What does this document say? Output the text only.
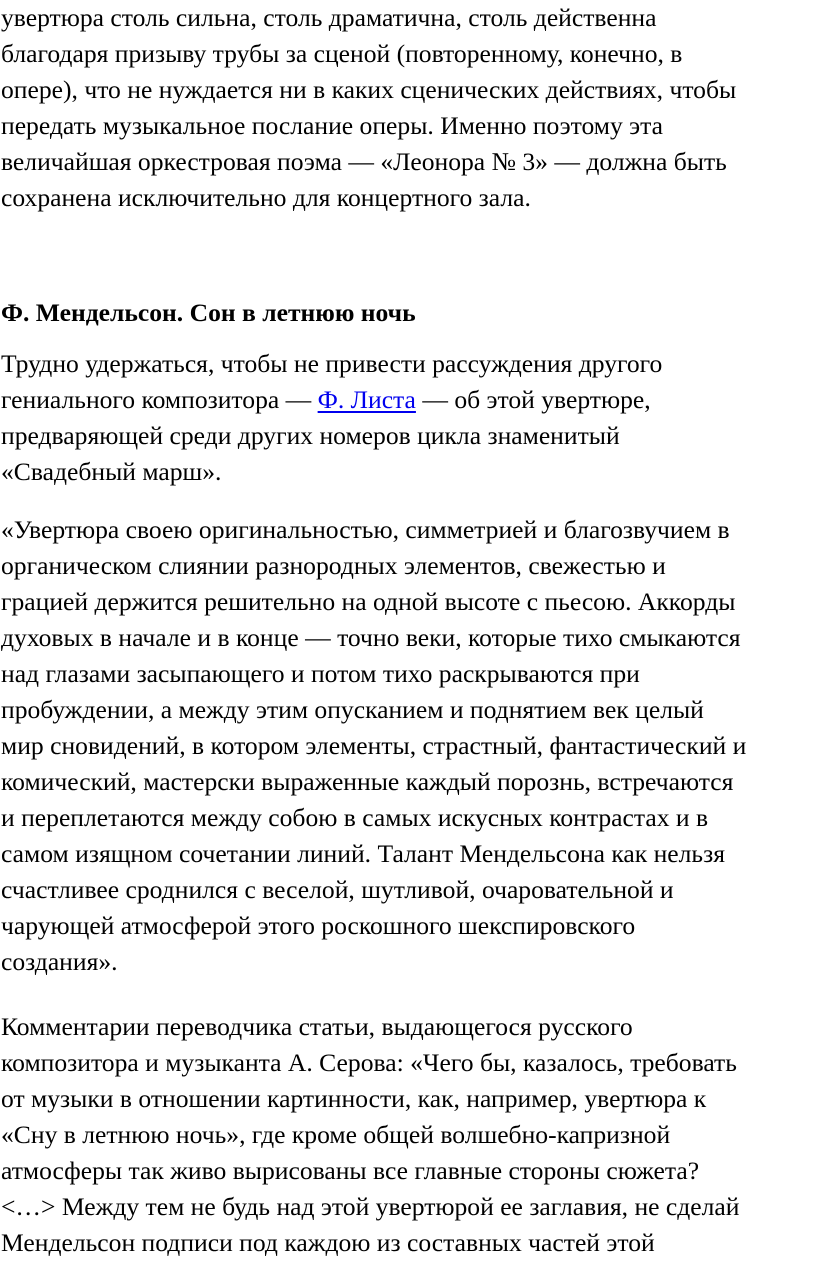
увертюра столь сильна, столь драматична, столь действенна
благодаря призыву трубы за сценой (повторенному, конечно, в
опере), что не нуждается ни в каких сценических действиях, чтобы
передать музыкальное послание оперы. Именно поэтому эта
величайшая оркестровая поэма — «Леонора № 3» — должна быть
сохранена исключительно для концертного зала.

Ф. Мендельсон. Сон в летнюю ночь

Трудно удержаться, чтобы не привести рассуждения другого
гениального композитора — Ф. Листа — об этой увертюре,
предваряющей среди других номеров цикла знаменитый
«Свадебный марш».

«Увертюра своею оригинальностью, симметрией и благозвучием в
органическом слиянии разнородных элементов, свежестью и
грацией держится решительно на одной высоте с пьесою. Аккорды
духовых в начале и в конце — точно веки, которые тихо смыкаются
над глазами засыпающего и потом тихо раскрываются при
пробуждении, а между этим опусканием и поднятием век целый
мир сновидений, в котором элементы, страстный, фантастический и
комический, мастерски выраженные каждый порознь, встречаются
и переплетаются между собою в самых искусных контрастах и в
самом изящном сочетании линий. Талант Мендельсона как нельзя
счастливее сроднился с веселой, шутливой, очаровательной и
чарующей атмосферой этого роскошного шекспировского
создания».

Комментарии переводчика статьи, выдающегося русского
композитора и музыканта А. Серова: «Чего бы, казалось, требовать
от музыки в отношении картинности, как, например, увертюра к
«Сну в летнюю ночь», где кроме общей волшебно-капризной
атмосферы так живо вырисованы все главные стороны сюжета?
<…> Между тем не будь над этой увертюрой ее заглавия, не сделай
Мендельсон подписи под каждою из составных частей этой
